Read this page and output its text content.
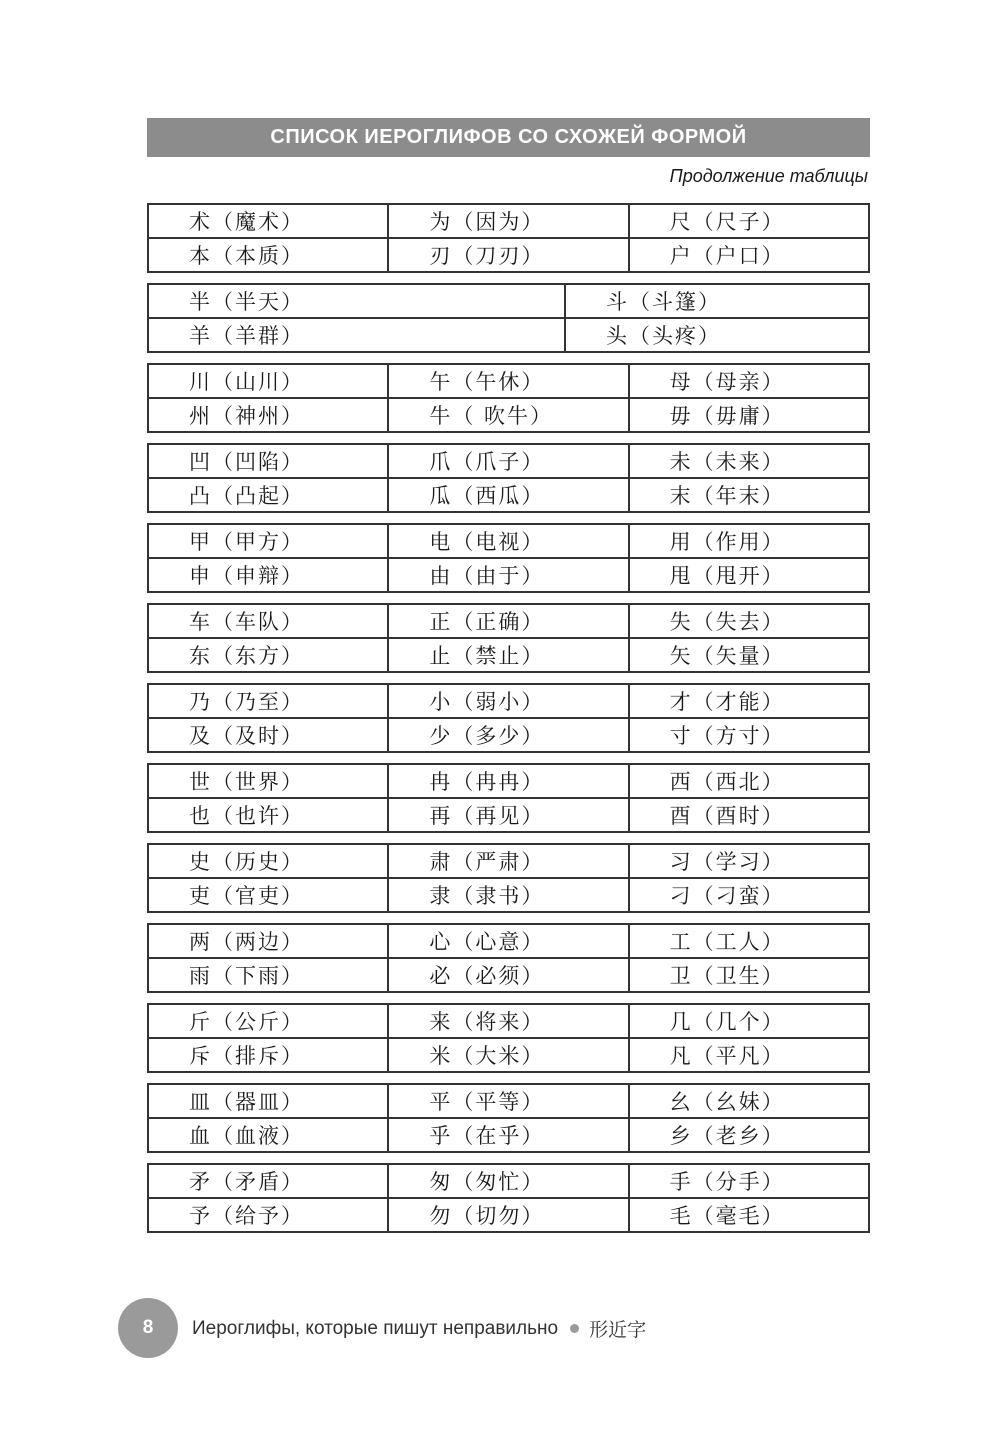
СПИСОК ИЕРОГЛИФОВ СО СХОЖЕЙ ФОРМОЙ
Продолжение таблицы
术（魔术）	为（因为）	尺（尺子）
本（本质）	刃（刀刃）	户（户口）
半（半天）	斗（斗篷）
羊（羊群）	头（头疼）
川（山川）	午（午休）	母（母亲）
州（神州）	牛（ 吹牛）	毋（毋庸）
凹（凹陷）	爪（爪子）	未（未来）
凸（凸起）	瓜（西瓜）	末（年末）
甲（甲方）	电（电视）	用（作用）
申（申辩）	由（由于）	甩（甩开）
车（车队）	正（正确）	失（失去）
东（东方）	止（禁止）	矢（矢量）
乃（乃至）	小（弱小）	才（才能）
及（及时）	少（多少）	寸（方寸）
世（世界）	冉（冉冉）	西（西北）
也（也许）	再（再见）	酉（酉时）
史（历史）	肃（严肃）	习（学习）
吏（官吏）	隶（隶书）	刁（刁蛮）
两（两边）	心（心意）	工（工人）
雨（下雨）	必（必须）	卫（卫生）
斤（公斤）	来（将来）	几（几个）
斥（排斥）	米（大米）	凡（平凡）
皿（器皿）	平（平等）	幺（幺妹）
血（血液）	乎（在乎）	乡（老乡）
矛（矛盾）	匆（匆忙）	手（分手）
予（给予）	勿（切勿）	毛（毫毛）
8	Иероглифы, которые пишут неправильно 形近字
